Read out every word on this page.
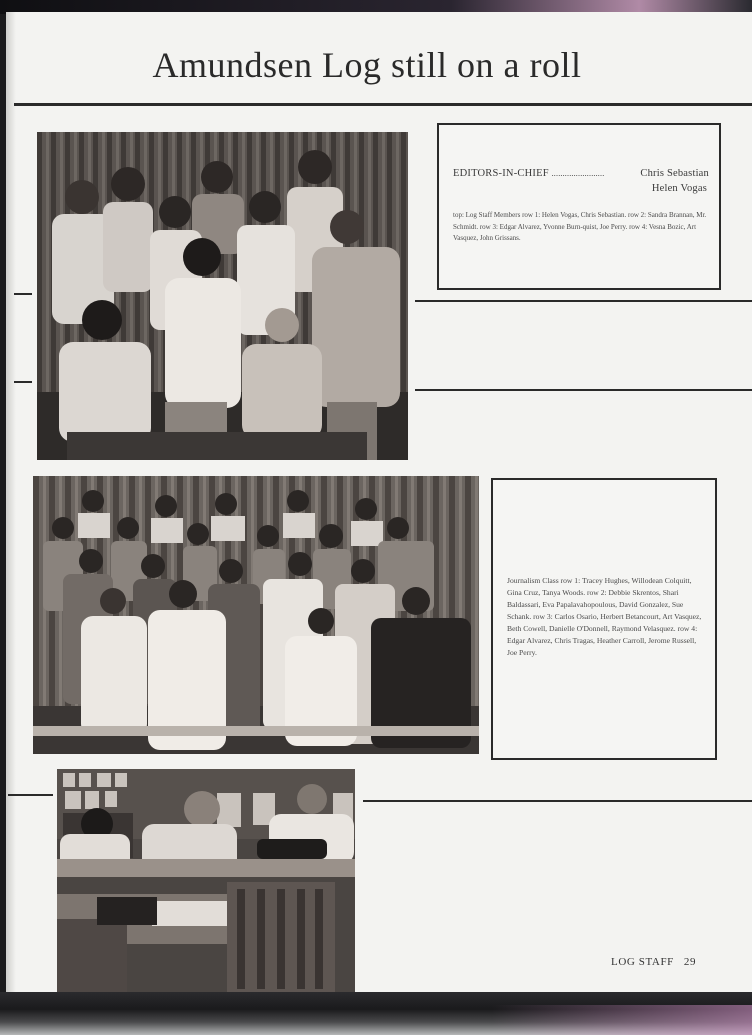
Amundsen Log still on a roll
EDITORS-IN-CHIEF ........................	Chris Sebastian
Helen Vogas
top: Log Staff Members row 1: Helen Vogas, Chris Sebastian. row 2: Sandra Brannan, Mr. Schmidt. row 3: Edgar Alvarez, Yvonne Burn-quist, Joe Perry. row 4: Vesna Bozic, Art Vasquez, John Grissans.
Journalism Class row 1: Tracey Hughes, Willodean Colquitt, Gina Cruz, Tanya Woods. row 2: Debbie Skrentos, Shari Baldassari, Eva Papalavahopoulous, David Gonzalez, Sue Schank. row 3: Carlos Osario, Herbert Betancourt, Art Vasquez, Beth Cowell, Danielle O'Donnell, Raymond Velasquez. row 4: Edgar Alvarez, Chris Tragas, Heather Carroll, Jerome Russell, Joe Perry.
LOG STAFF 29
